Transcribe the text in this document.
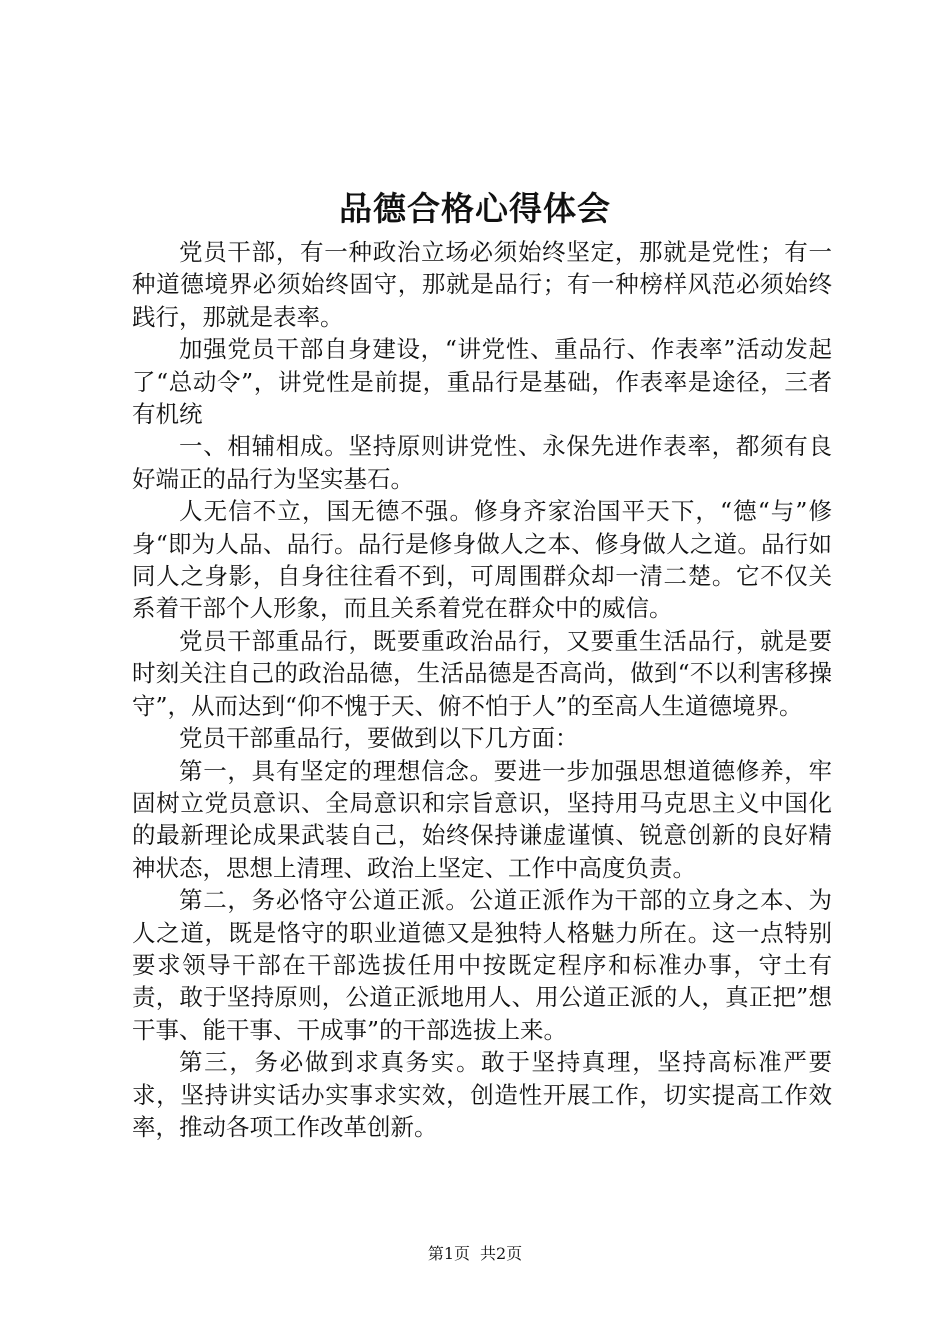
品德合格心得体会

党员干部，有一种政治立场必须始终坚定，那就是党性；有一种道德境界必须始终固守，那就是品行；有一种榜样风范必须始终践行，那就是表率。

加强党员干部自身建设，“讲党性、重品行、作表率”活动发起了“总动令”，讲党性是前提，重品行是基础，作表率是途径，三者有机统

一、相辅相成。坚持原则讲党性、永保先进作表率，都须有良好端正的品行为坚实基石。

人无信不立，国无德不强。修身齐家治国平天下，“德“与”修身“即为人品、品行。品行是修身做人之本、修身做人之道。品行如同人之身影，自身往往看不到，可周围群众却一清二楚。它不仅关系着干部个人形象，而且关系着党在群众中的威信。

党员干部重品行，既要重政治品行，又要重生活品行，就是要时刻关注自己的政治品德，生活品德是否高尚，做到“不以利害移操守”，从而达到“仰不愧于天、俯不怕于人”的至高人生道德境界。

党员干部重品行，要做到以下几方面：

第一，具有坚定的理想信念。要进一步加强思想道德修养，牢固树立党员意识、全局意识和宗旨意识，坚持用马克思主义中国化的最新理论成果武装自己，始终保持谦虚谨慎、锐意创新的良好精神状态，思想上清理、政治上坚定、工作中高度负责。

第二，务必恪守公道正派。公道正派作为干部的立身之本、为人之道，既是恪守的职业道德又是独特人格魅力所在。这一点特别要求领导干部在干部选拔任用中按既定程序和标准办事，守土有责，敢于坚持原则，公道正派地用人、用公道正派的人，真正把”想干事、能干事、干成事”的干部选拔上来。

第三，务必做到求真务实。敢于坚持真理，坚持高标准严要求，坚持讲实话办实事求实效，创造性开展工作，切实提高工作效率，推动各项工作改革创新。

第1页 共2页
